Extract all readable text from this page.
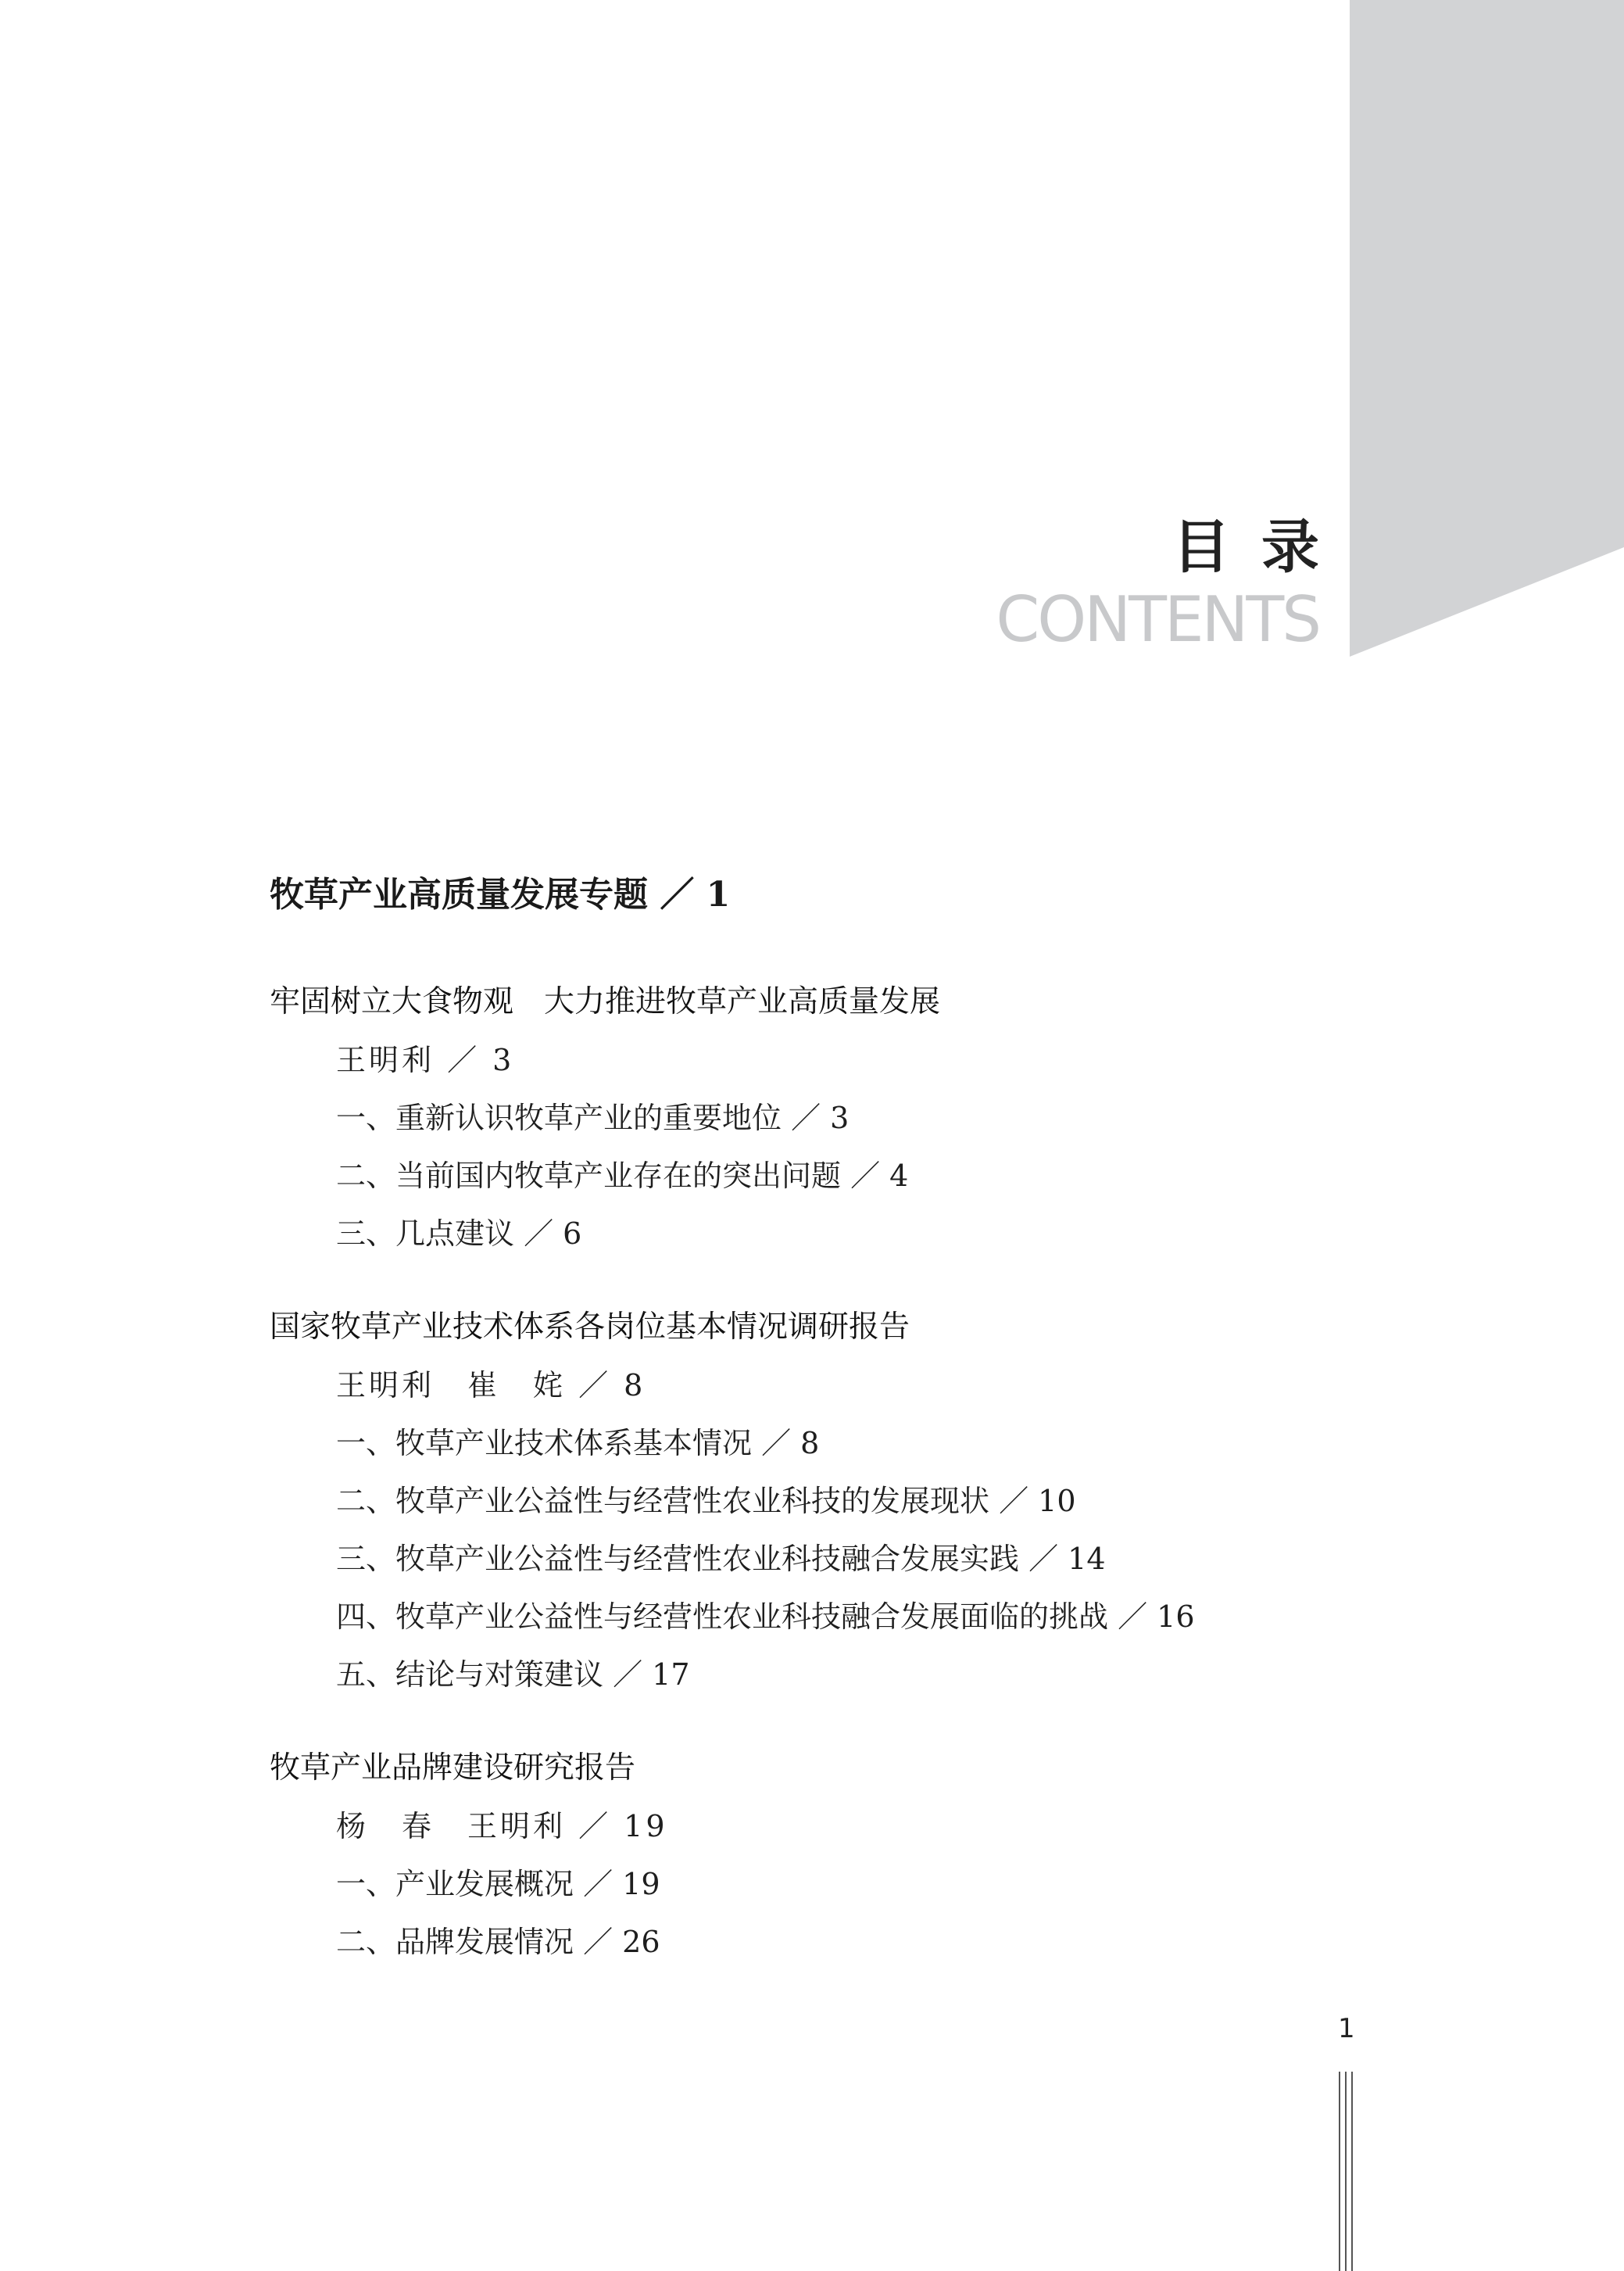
目录
CONTENTS
牧草产业高质量发展专题 ／ 1
牢固树立大食物观　大力推进牧草产业高质量发展
王明利 ／ 3
一、重新认识牧草产业的重要地位 ／ 3
二、当前国内牧草产业存在的突出问题 ／ 4
三、几点建议 ／ 6
国家牧草产业技术体系各岗位基本情况调研报告
王明利　崔　姹 ／ 8
一、牧草产业技术体系基本情况 ／ 8
二、牧草产业公益性与经营性农业科技的发展现状 ／ 10
三、牧草产业公益性与经营性农业科技融合发展实践 ／ 14
四、牧草产业公益性与经营性农业科技融合发展面临的挑战 ／ 16
五、结论与对策建议 ／ 17
牧草产业品牌建设研究报告
杨　春　王明利 ／ 19
一、产业发展概况 ／ 19
二、品牌发展情况 ／ 26
1
